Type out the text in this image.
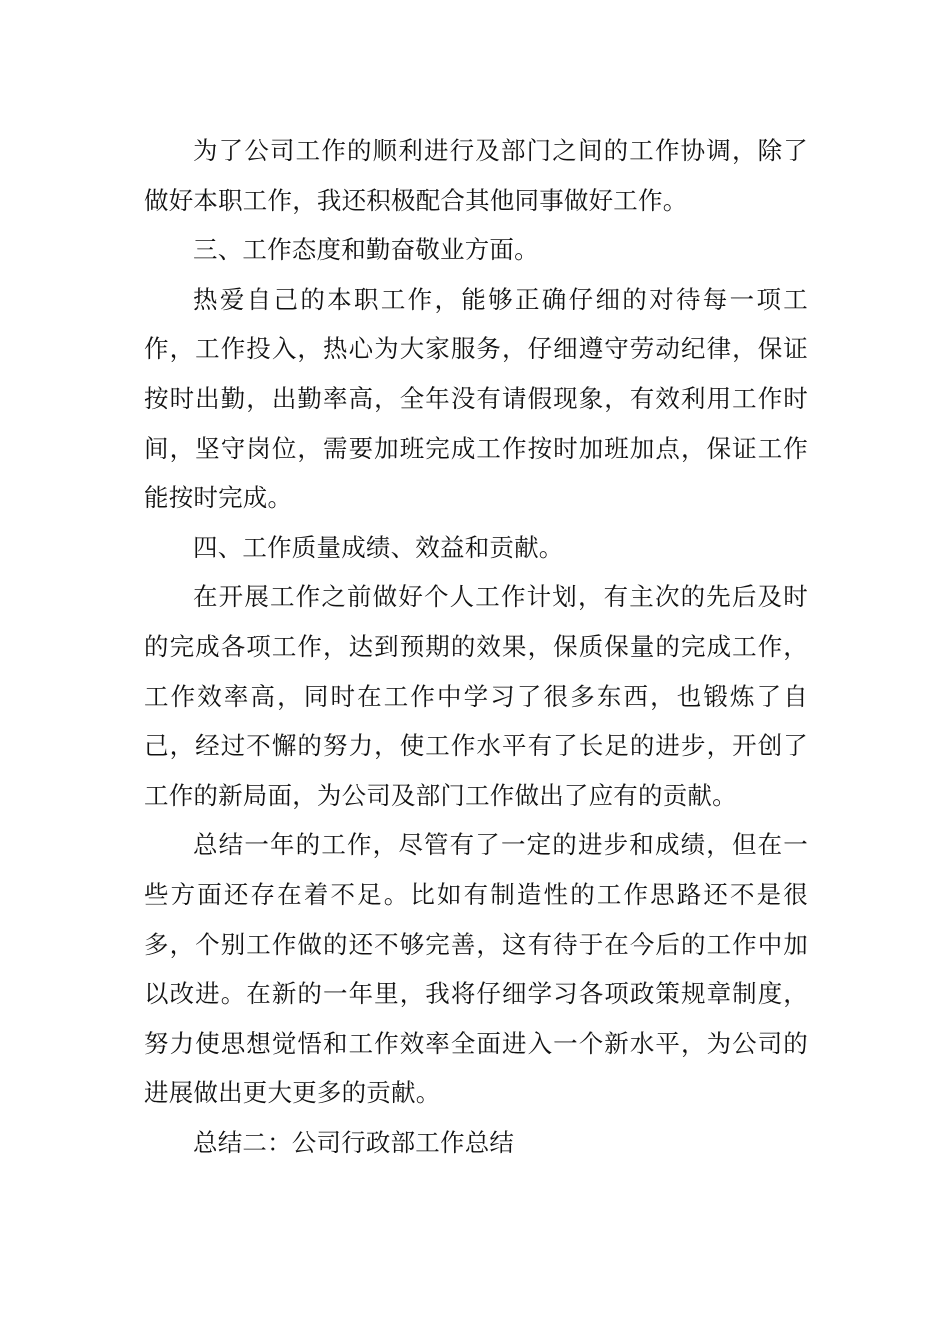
为了公司工作的顺利进行及部门之间的工作协调，除了做好本职工作，我还积极配合其他同事做好工作。

三、工作态度和勤奋敬业方面。

热爱自己的本职工作，能够正确仔细的对待每一项工作，工作投入，热心为大家服务，仔细遵守劳动纪律，保证按时出勤，出勤率高，全年没有请假现象，有效利用工作时间，坚守岗位，需要加班完成工作按时加班加点，保证工作能按时完成。

四、工作质量成绩、效益和贡献。

在开展工作之前做好个人工作计划，有主次的先后及时的完成各项工作，达到预期的效果，保质保量的完成工作，工作效率高，同时在工作中学习了很多东西，也锻炼了自己，经过不懈的努力，使工作水平有了长足的进步，开创了工作的新局面，为公司及部门工作做出了应有的贡献。

总结一年的工作，尽管有了一定的进步和成绩，但在一些方面还存在着不足。比如有制造性的工作思路还不是很多，个别工作做的还不够完善，这有待于在今后的工作中加以改进。在新的一年里，我将仔细学习各项政策规章制度，努力使思想觉悟和工作效率全面进入一个新水平，为公司的进展做出更大更多的贡献。

总结二：公司行政部工作总结
